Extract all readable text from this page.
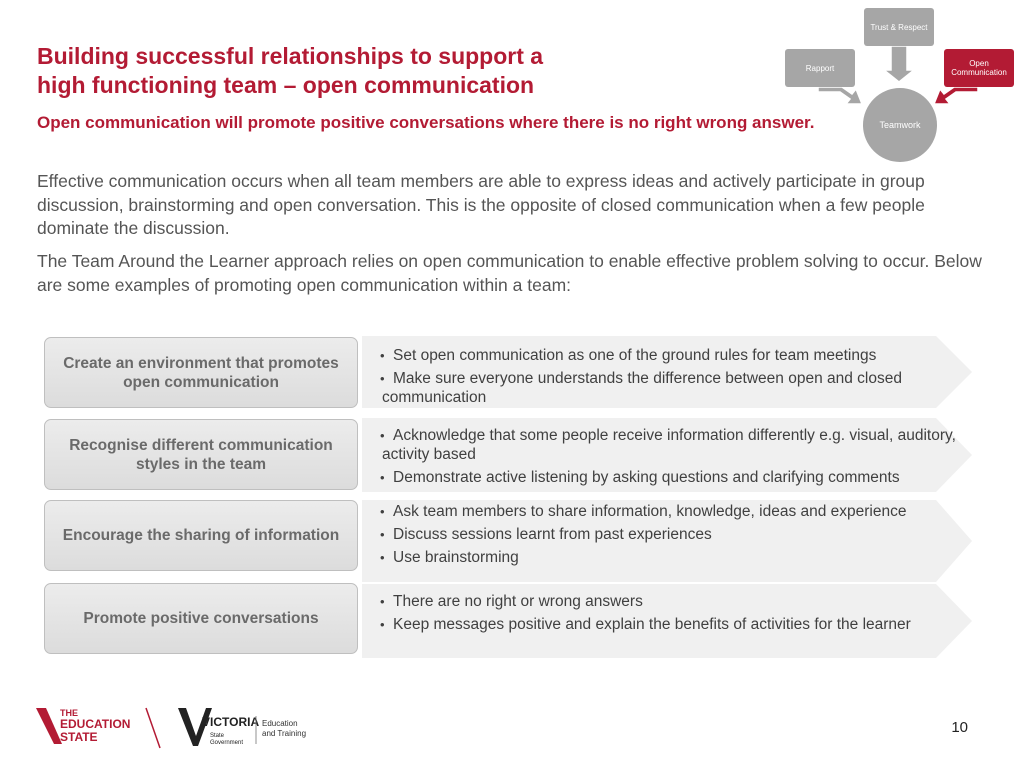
Building successful relationships to support a
high functioning team – open communication
Open communication will promote positive conversations where there is no right wrong answer.
Effective communication occurs when all team members are able to express ideas and actively participate in group discussion, brainstorming and open conversation. This is the opposite of closed communication when a few people dominate the discussion.
The Team Around the Learner approach relies on open communication to enable effective problem solving to occur. Below are some examples of promoting open communication within a team:
Trust & Respect
Rapport	Open Communication
Teamwork
Create an environment that promotes open communication
Recognise different communication styles in the team
Encourage the sharing of information
Promote positive conversations
• Set open communication as one of the ground rules for team meetings
• Make sure everyone understands the difference between open and closed communication
• Acknowledge that some people receive information differently e.g. visual, auditory, activity based
• Demonstrate active listening by asking questions and clarifying comments
• Ask team members to share information, knowledge, ideas and experience
• Discuss sessions learnt from past experiences
• Use brainstorming
• There are no right or wrong answers
• Keep messages positive and explain the benefits of activities for the learner
THE
EDUCATION
STATE
VICTORIA
State
Government
Education
and Training	10
